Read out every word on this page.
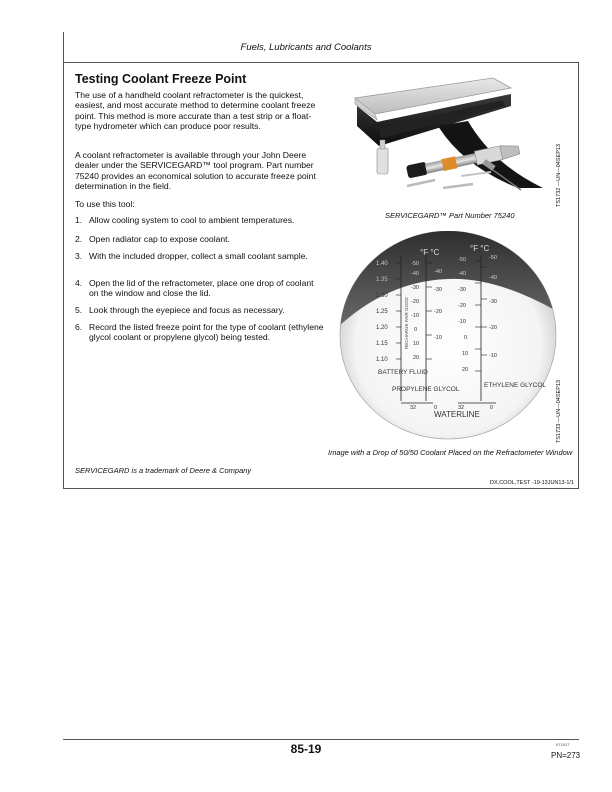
Fuels, Lubricants and Coolants
Testing Coolant Freeze Point
The use of a handheld coolant refractometer is the quickest, easiest, and most accurate method to determine coolant freeze point. This method is more accurate than a test strip or a float-type hydrometer which can produce poor results.
A coolant refractometer is available through your John Deere dealer under the SERVICEGARD™ tool program. Part number 75240 provides an economical solution to accurate freeze point determination in the field.
To use this tool:
1. Allow cooling system to cool to ambient temperatures.
2. Open radiator cap to expose coolant.
3. With the included dropper, collect a small coolant sample.
4. Open the lid of the refractometer, place one drop of coolant on the window and close the lid.
5. Look through the eyepiece and focus as necessary.
6. Record the listed freeze point for the type of coolant (ethylene glycol coolant or propylene glycol) being tested.
SERVICEGARD™ Part Number 75240
TS1732 —UN—04SEP13
°F °C	°F °C
1.40
1.35
1.30
1.25
1.20
1.15
1.10
RECHARGE FAIR GOOD
-50
-40
-30
-20
-10
0
10
20
32
-40
-30
-20
-10
0
-50
-40
-30
-20
-10
0
10
20
32
-50
-40
-30
-20
-10
0
BATTERY FLUID
PROPYLENE GLYCOL
ETHYLENE GLYCOL
WATERLINE
Image with a Drop of 50/50 Coolant Placed on the Refractometer Window
TS1733 —UN—04SEP13
SERVICEGARD is a trademark of Deere & Company
DX,COOL,TEST -19-13JUN13-1/1
85-19	071917
PN=273
